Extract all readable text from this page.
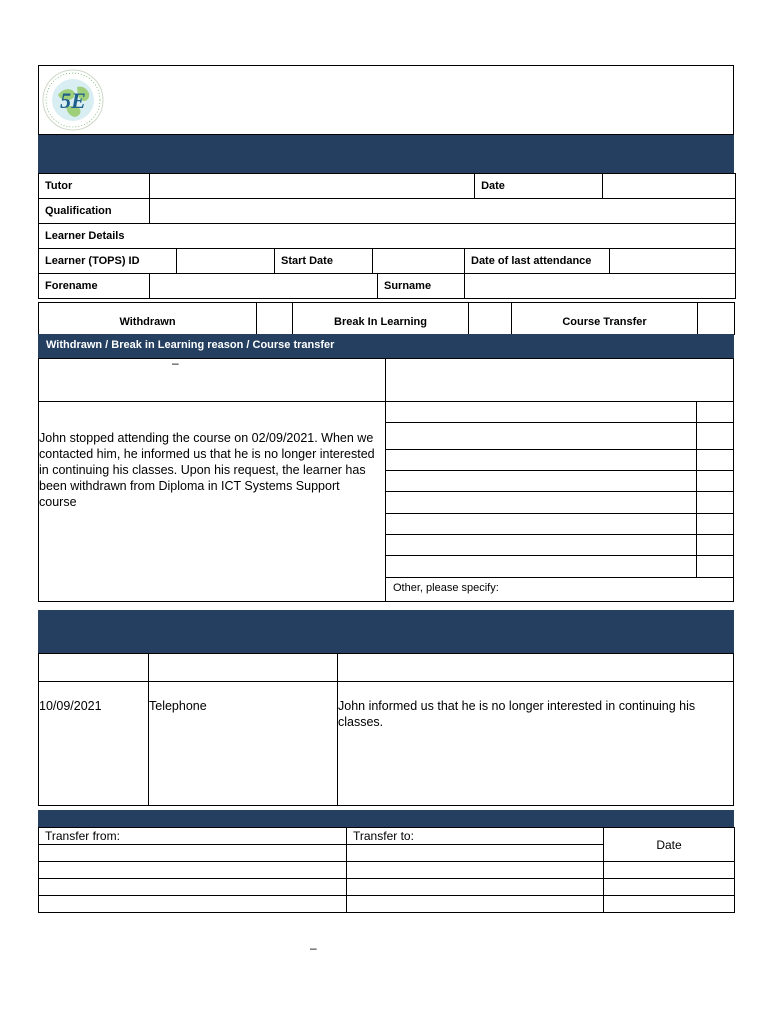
5E
Tutor							Date		
Qualification									
Learner Details									
Learner (TOPS) ID			Start Date			Date of last attendance			
Forename					Surname				
Withdrawn		Break In Learning		Course Transfer	
Withdrawn / Break in Learning reason / Course transfer
–
John stopped attending the course on 02/09/2021. When we contacted him, he informed us that he is no longer interested in continuing his classes. Upon his request, the learner has been withdrawn from Diploma in ICT Systems Support course
Other, please specify:
10/09/2021	Telephone	John informed us that he is no longer interested in continuing his classes.
Transfer from:	Transfer to:	Date

–
